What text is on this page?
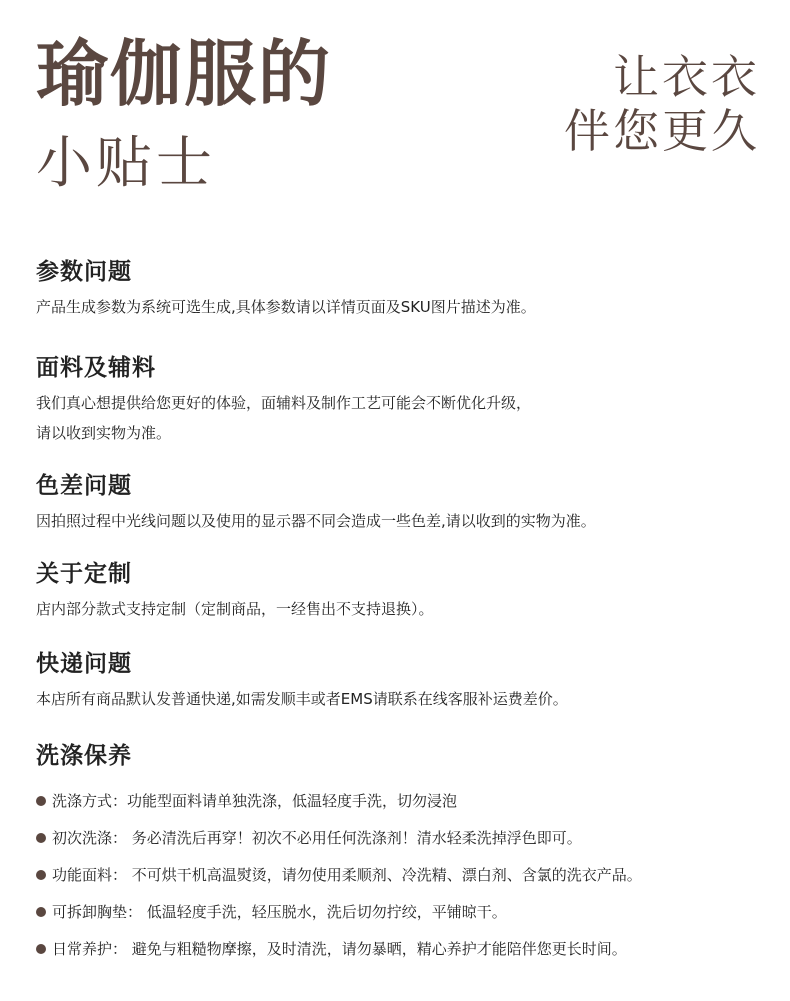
瑜伽服的
小贴士
让衣衣
伴您更久
参数问题

产品生成参数为系统可选生成,具体参数请以详情页面及SKU图片描述为准。

面料及辅料

我们真心想提供给您更好的体验，面辅料及制作工艺可能会不断优化升级，
请以收到实物为准。

色差问题

因拍照过程中光线问题以及使用的显示器不同会造成一些色差,请以收到的实物为准。

关于定制

店内部分款式支持定制（定制商品，一经售出不支持退换）。

快递问题

本店所有商品默认发普通快递,如需发顺丰或者EMS请联系在线客服补运费差价。

洗涤保养
洗涤方式：功能型面料请单独洗涤，低温轻度手洗，切勿浸泡
初次洗涤： 务必清洗后再穿！初次不必用任何洗涤剂！清水轻柔洗掉浮色即可。
功能面料： 不可烘干机高温熨烫，请勿使用柔顺剂、冷洗精、漂白剂、含氯的洗衣产品。
可拆卸胸垫： 低温轻度手洗，轻压脱水，洗后切勿拧绞，平铺晾干。
日常养护： 避免与粗糙物摩擦，及时清洗，请勿暴晒，精心养护才能陪伴您更长时间。
